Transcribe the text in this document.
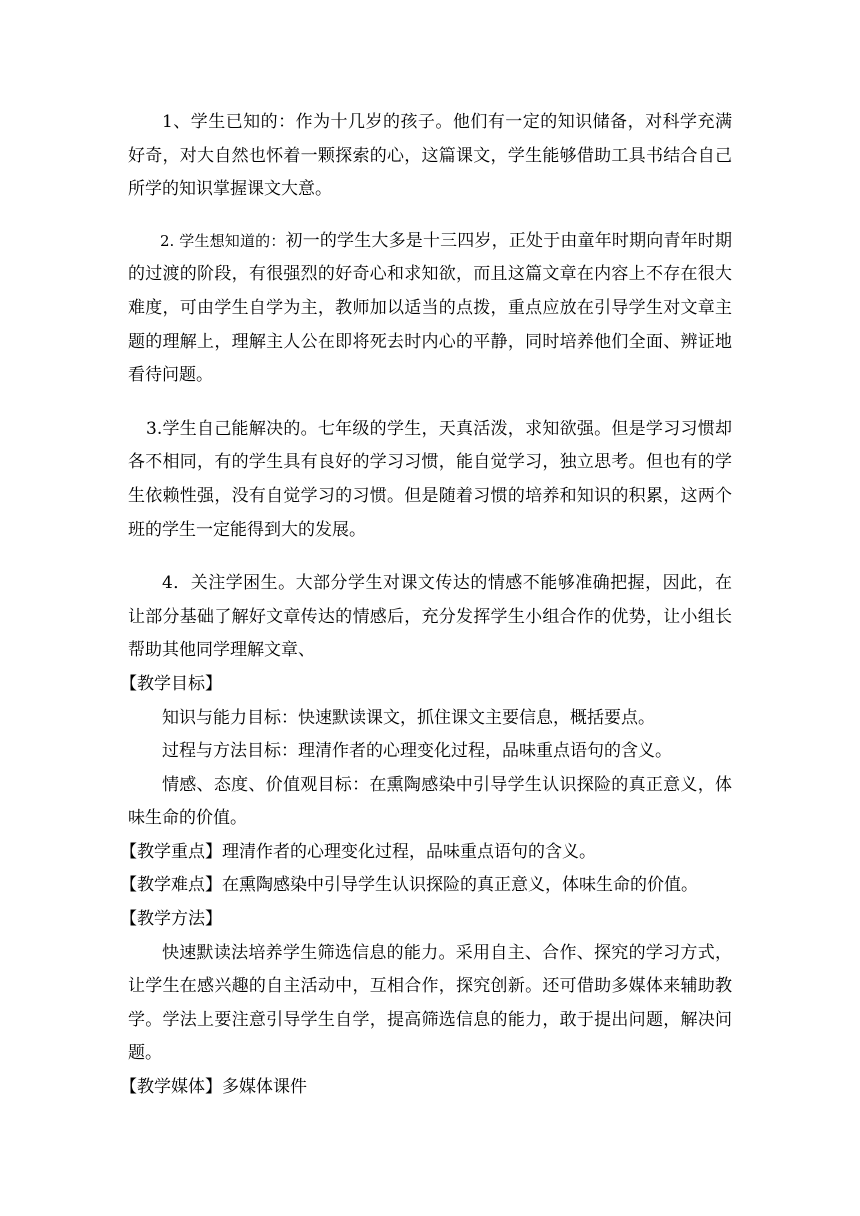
1、学生已知的：作为十几岁的孩子。他们有一定的知识储备，对科学充满好奇，对大自然也怀着一颗探索的心，这篇课文，学生能够借助工具书结合自己所学的知识掌握课文大意。

2. 学生想知道的：初一的学生大多是十三四岁，正处于由童年时期向青年时期的过渡的阶段，有很强烈的好奇心和求知欲，而且这篇文章在内容上不存在很大难度，可由学生自学为主，教师加以适当的点拨，重点应放在引导学生对文章主题的理解上，理解主人公在即将死去时内心的平静，同时培养他们全面、辨证地看待问题。

3.学生自己能解决的。七年级的学生，天真活泼，求知欲强。但是学习习惯却各不相同，有的学生具有良好的学习习惯，能自觉学习，独立思考。但也有的学生依赖性强，没有自觉学习的习惯。但是随着习惯的培养和知识的积累，这两个班的学生一定能得到大的发展。

4．关注学困生。大部分学生对课文传达的情感不能够准确把握，因此，在让部分基础了解好文章传达的情感后，充分发挥学生小组合作的优势，让小组长帮助其他同学理解文章、

【教学目标】

知识与能力目标：快速默读课文，抓住课文主要信息，概括要点。

过程与方法目标：理清作者的心理变化过程，品味重点语句的含义。

情感、态度、价值观目标：在熏陶感染中引导学生认识探险的真正意义，体味生命的价值。

【教学重点】理清作者的心理变化过程，品味重点语句的含义。

【教学难点】在熏陶感染中引导学生认识探险的真正意义，体味生命的价值。

【教学方法】

快速默读法培养学生筛选信息的能力。采用自主、合作、探究的学习方式，让学生在感兴趣的自主活动中，互相合作，探究创新。还可借助多媒体来辅助教学。学法上要注意引导学生自学，提高筛选信息的能力，敢于提出问题，解决问题。

【教学媒体】多媒体课件
